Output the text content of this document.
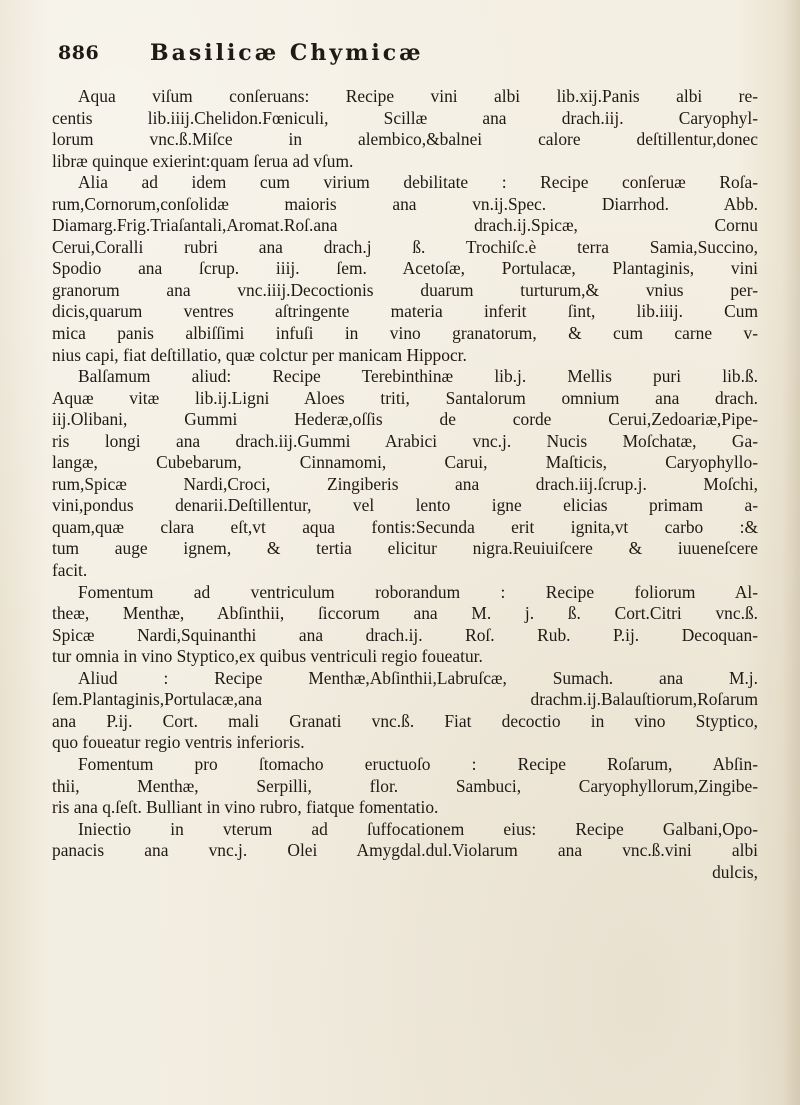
886 Basilicæ Chymicæ
Aqua viſum conſeruans: Recipe vini albi lib.xij.Panis albi re-
centis lib.iiij.Chelidon.Fœniculi, Scillæ ana drach.iij. Caryophyl-
lorum vnc.ß.Miſce in alembico,&balnei calore deſtillentur,donec
libræ quinque exierint:quam ſerua ad vſum.
Alia ad idem cum virium debilitate : Recipe conſeruæ Roſa-
rum,Cornorum,conſolidæ maioris ana vn.ij.Spec. Diarrhod. Abb.
Diamarg.Frig.Triaſantali,Aromat.Roſ.ana drach.ij.Spicæ, Cornu
Cerui,Coralli rubri ana drach.j ß. Trochiſc.è terra Samia,Succino,
Spodio ana ſcrup. iiij. ſem. Acetoſæ, Portulacæ, Plantaginis, vini
granorum ana vnc.iiij.Decoctionis duarum turturum,& vnius per-
dicis,quarum ventres aſtringente materia inferit ſint, lib.iiij. Cum
mica panis albiſſimi infuſi in vino granatorum, & cum carne v-
nius capi, fiat deſtillatio, quæ colctur per manicam Hippocr.
Balſamum aliud: Recipe Terebinthinæ lib.j. Mellis puri lib.ß.
Aquæ vitæ lib.ij.Ligni Aloes triti, Santalorum omnium ana drach.
iij.Olibani, Gummi Hederæ,oſſis de corde Cerui,Zedoariæ,Pipe-
ris longi ana drach.iij.Gummi Arabici vnc.j. Nucis Moſchatæ, Ga-
langæ, Cubebarum, Cinnamomi, Carui, Maſticis, Caryophyllo-
rum,Spicæ Nardi,Croci, Zingiberis ana drach.iij.ſcrup.j. Moſchi,
vini,pondus denarii.Deſtillentur, vel lento igne elicias primam a-
quam,quæ clara eſt,vt aqua fontis:Secunda erit ignita,vt carbo :&
tum auge ignem, & tertia elicitur nigra.Reuiuiſcere & iuueneſcere
facit.
Fomentum ad ventriculum roborandum : Recipe foliorum Al-
theæ, Menthæ, Abſinthii, ſiccorum ana M. j. ß. Cort.Citri vnc.ß.
Spicæ Nardi,Squinanthi ana drach.ij. Roſ. Rub. P.ij. Decoquan-
tur omnia in vino Styptico,ex quibus ventriculi regio foueatur.
Aliud : Recipe Menthæ,Abſinthii,Labruſcæ, Sumach. ana M.j.
ſem.Plantaginis,Portulacæ,ana drachm.ij.Balauſtiorum,Roſarum
ana P.ij. Cort. mali Granati vnc.ß. Fiat decoctio in vino Styptico,
quo foueatur regio ventris inferioris.
Fomentum pro ſtomacho eructuoſo : Recipe Roſarum, Abſin-
thii, Menthæ, Serpilli, flor. Sambuci, Caryophyllorum,Zingibe-
ris ana q.ſeſt. Bulliant in vino rubro, fiatque fomentatio.
Iniectio in vterum ad ſuffocationem eius: Recipe Galbani,Opo-
panacis ana vnc.j. Olei Amygdal.dul.Violarum ana vnc.ß.vini albi
dulcis,
